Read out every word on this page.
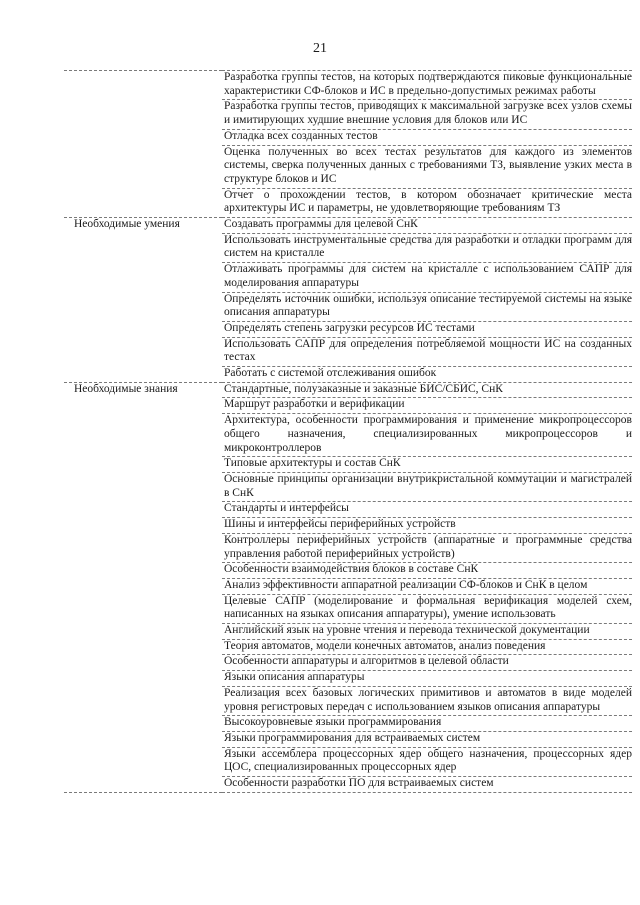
21
	Разработка группы тестов, на которых подтверждаются пиковые функциональные характеристики СФ-блоков и ИС в предельно-допустимых режимах работы
	Разработка группы тестов, приводящих к максимальной загрузке всех узлов схемы и имитирующих худшие внешние условия для блоков или ИС
	Отладка всех созданных тестов
	Оценка полученных во всех тестах результатов для каждого из элементов системы, сверка полученных данных с требованиями ТЗ, выявление узких места в структуре блоков и ИС
	Отчет о прохождении тестов, в котором обозначает критические места архитектуры ИС и параметры, не удовлетворяющие требованиям ТЗ
Необходимые умения	Создавать программы для целевой СнК
	Использовать инструментальные средства для разработки и отладки программ для систем на кристалле
	Отлаживать программы для систем на кристалле с использованием САПР для моделирования аппаратуры
	Определять источник ошибки, используя описание тестируемой системы на языке описания аппаратуры
	Определять степень загрузки ресурсов ИС тестами
	Использовать САПР для определения потребляемой мощности ИС на созданных тестах
	Работать с системой отслеживания ошибок
Необходимые знания	Стандартные, полузаказные и заказные БИС/СБИС, СнК
	Маршрут разработки и верификации
	Архитектура, особенности программирования и применение микропроцессоров общего назначения, специализированных микропроцессоров и микроконтроллеров
	Типовые архитектуры и состав СнК
	Основные принципы организации внутрикристальной коммутации и магистралей в СнК
	Стандарты и интерфейсы
	Шины и интерфейсы периферийных устройств
	Контроллеры периферийных устройств (аппаратные и программные средства управления работой периферийных устройств)
	Особенности взаимодействия блоков в составе СнК
	Анализ эффективности аппаратной реализации СФ-блоков и СнК в целом
	Целевые САПР (моделирование и формальная верификация моделей схем, написанных на языках описания аппаратуры), умение использовать
	Английский язык на уровне чтения и перевода технической документации
	Теория автоматов, модели конечных автоматов, анализ поведения
	Особенности аппаратуры и алгоритмов в целевой области
	Языки описания аппаратуры
	Реализация всех базовых логических примитивов и автоматов в виде моделей уровня регистровых передач с использованием языков описания аппаратуры
	Высокоуровневые языки программирования
	Языки программирования для встраиваемых систем
	Языки ассемблера процессорных ядер общего назначения, процессорных ядер ЦОС, специализированных процессорных ядер
	Особенности разработки ПО для встраиваемых систем
